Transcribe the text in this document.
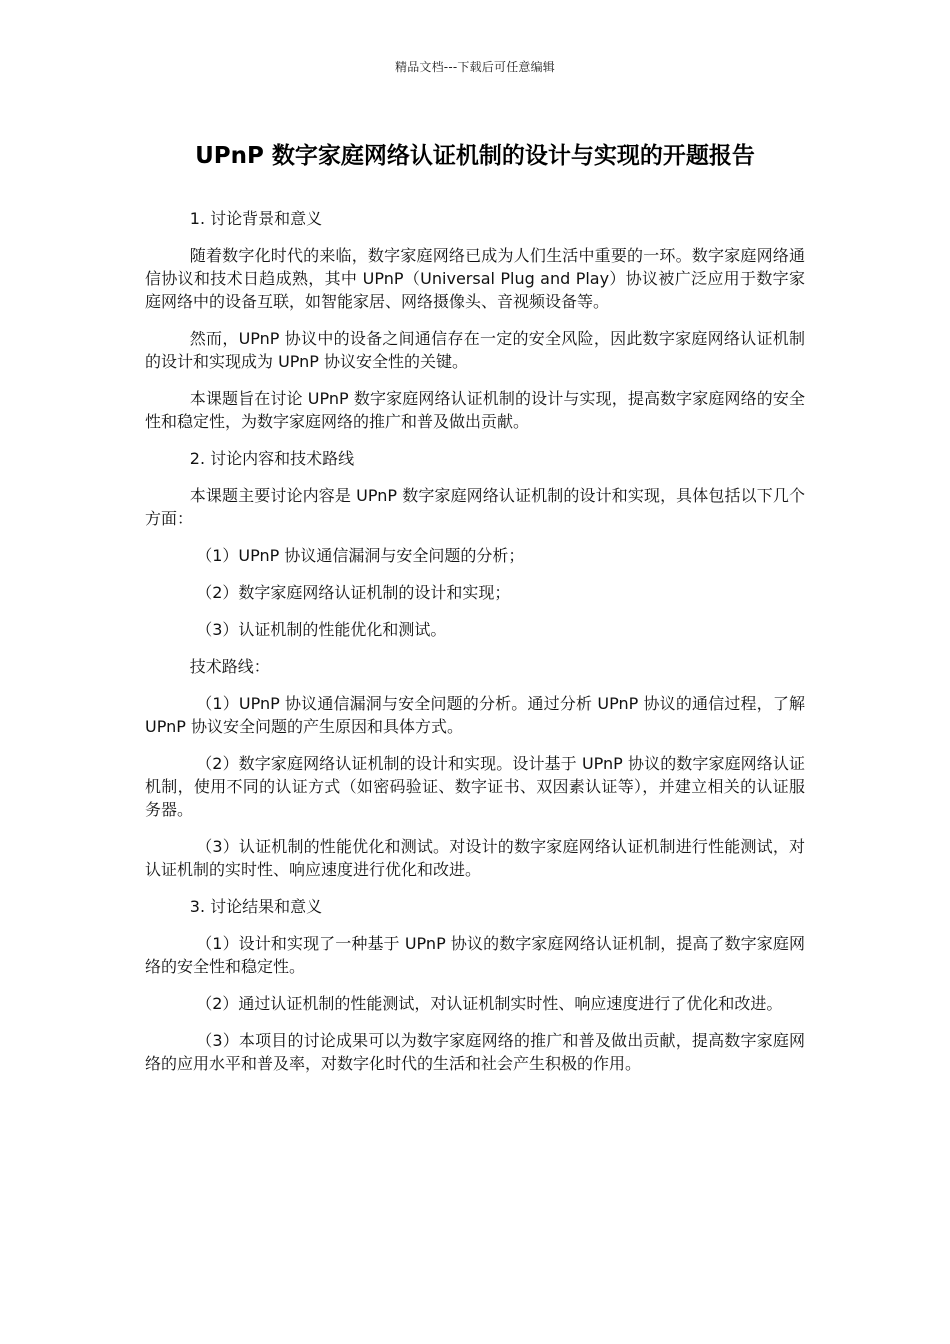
精品文档---下载后可任意编辑
UPnP 数字家庭网络认证机制的设计与实现的开题报告

1. 讨论背景和意义

随着数字化时代的来临，数字家庭网络已成为人们生活中重要的一环。数字家庭网络通信协议和技术日趋成熟，其中 UPnP（Universal Plug and Play）协议被广泛应用于数字家庭网络中的设备互联，如智能家居、网络摄像头、音视频设备等。

然而，UPnP 协议中的设备之间通信存在一定的安全风险，因此数字家庭网络认证机制的设计和实现成为 UPnP 协议安全性的关键。

本课题旨在讨论 UPnP 数字家庭网络认证机制的设计与实现，提高数字家庭网络的安全性和稳定性，为数字家庭网络的推广和普及做出贡献。

2. 讨论内容和技术路线

本课题主要讨论内容是 UPnP 数字家庭网络认证机制的设计和实现，具体包括以下几个方面：

（1）UPnP 协议通信漏洞与安全问题的分析；

（2）数字家庭网络认证机制的设计和实现；

（3）认证机制的性能优化和测试。

技术路线：

（1）UPnP 协议通信漏洞与安全问题的分析。通过分析 UPnP 协议的通信过程，了解 UPnP 协议安全问题的产生原因和具体方式。

（2）数字家庭网络认证机制的设计和实现。设计基于 UPnP 协议的数字家庭网络认证机制，使用不同的认证方式（如密码验证、数字证书、双因素认证等），并建立相关的认证服务器。

（3）认证机制的性能优化和测试。对设计的数字家庭网络认证机制进行性能测试，对认证机制的实时性、响应速度进行优化和改进。

3. 讨论结果和意义

（1）设计和实现了一种基于 UPnP 协议的数字家庭网络认证机制，提高了数字家庭网络的安全性和稳定性。

（2）通过认证机制的性能测试，对认证机制实时性、响应速度进行了优化和改进。

（3）本项目的讨论成果可以为数字家庭网络的推广和普及做出贡献，提高数字家庭网络的应用水平和普及率，对数字化时代的生活和社会产生积极的作用。
